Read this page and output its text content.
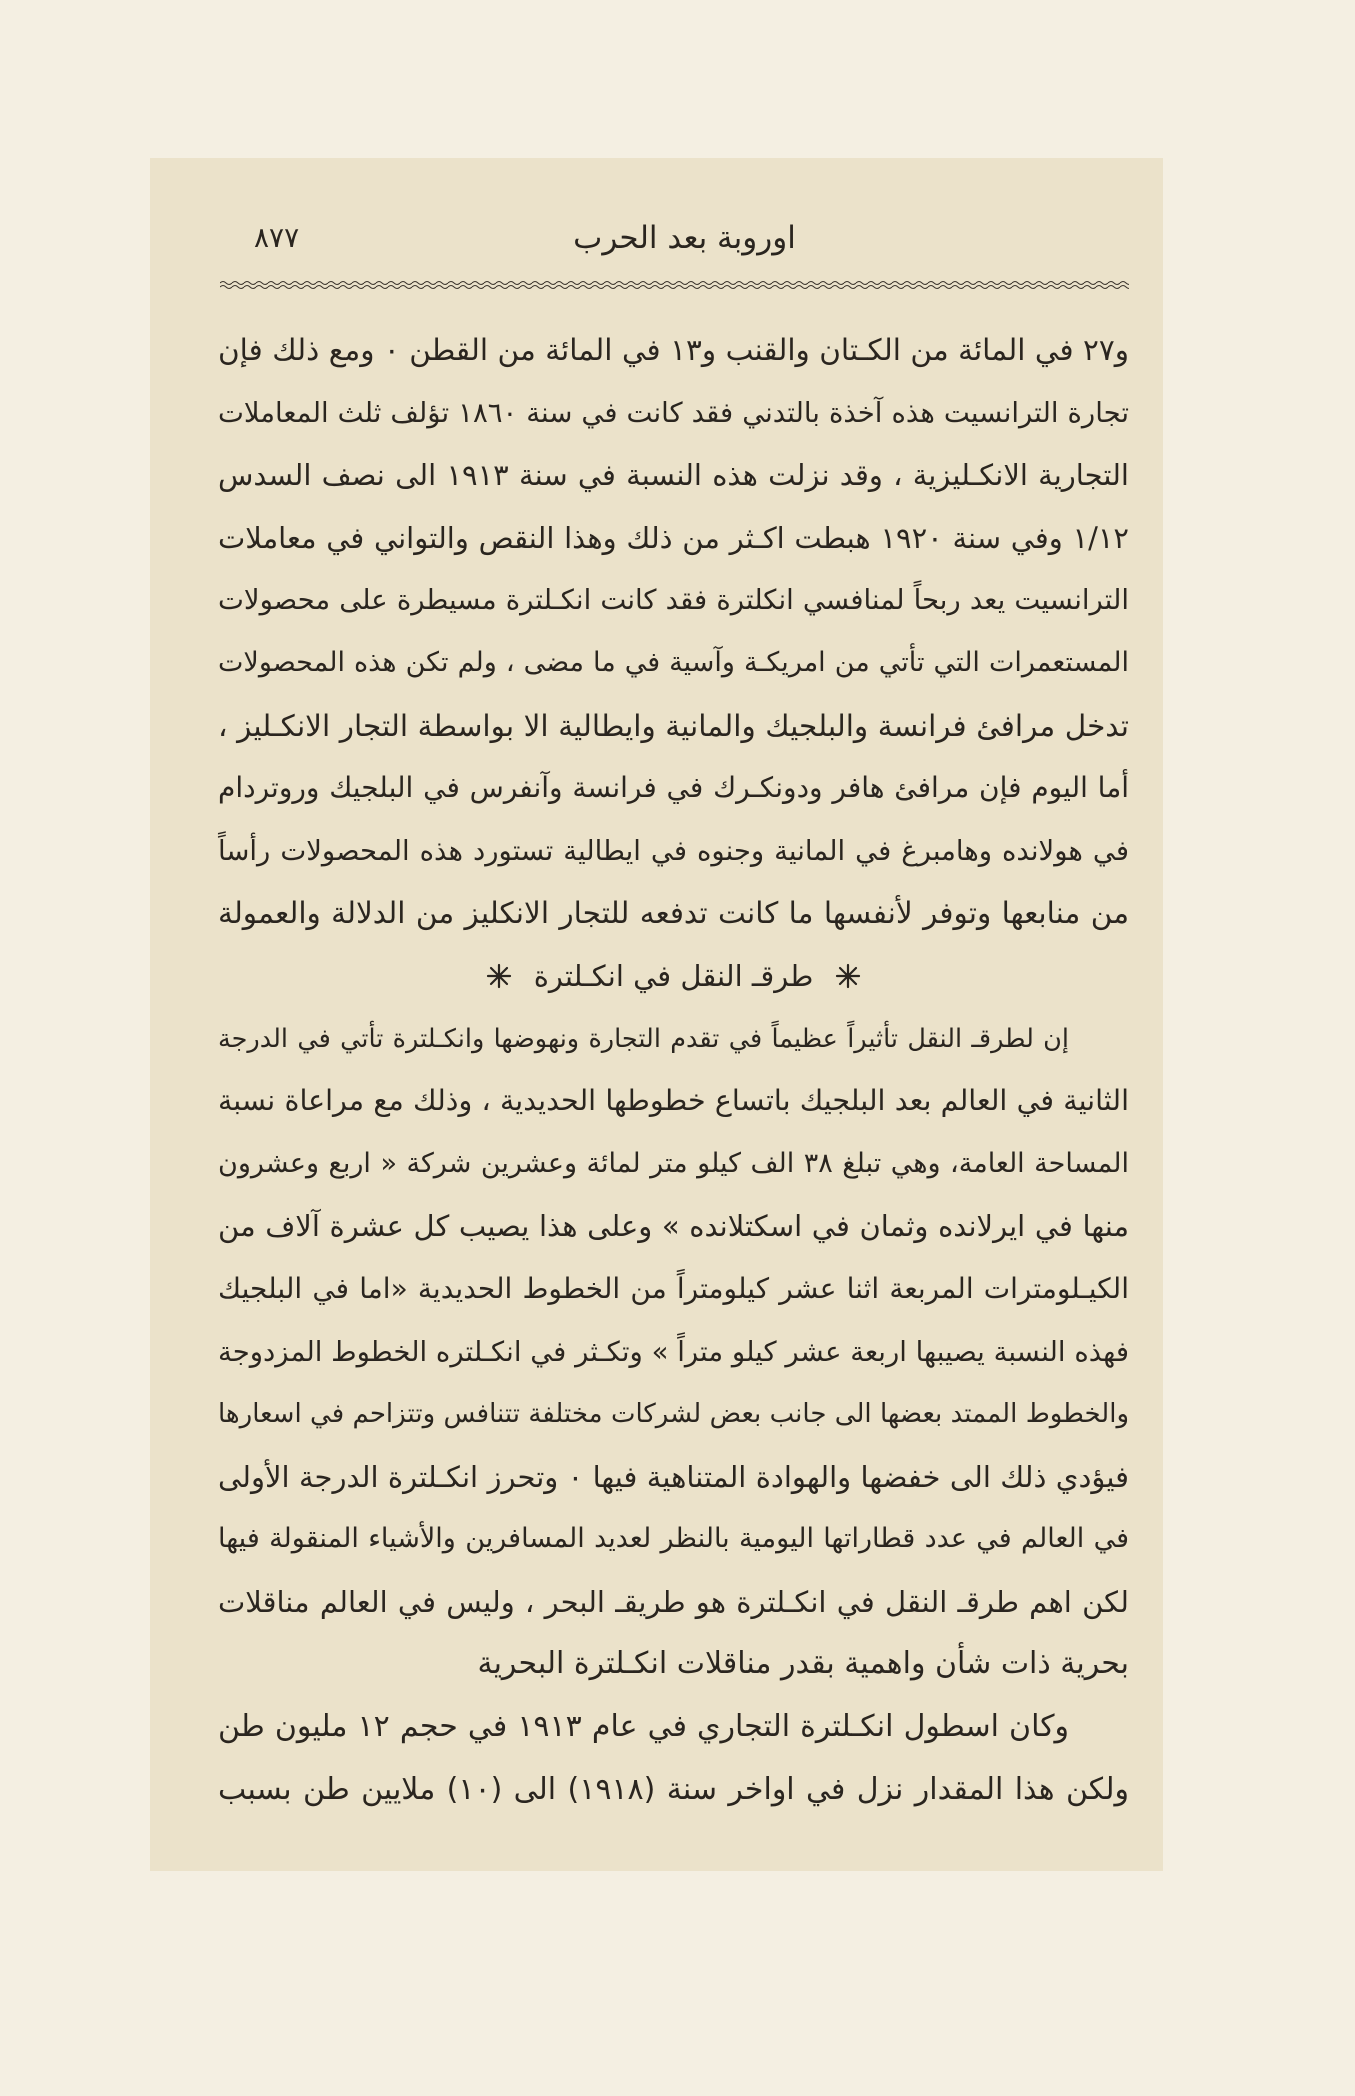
اوروبة بعد الحرب
٨٧٧
و٢٧ في المائة من الكـتان والقنب و١٣ في المائة من القطن ٠ ومع ذلك فإن
تجارة الترانسيت هذه آخذة بالتدني فقد كانت في سنة ١٨٦٠ تؤلف ثلث المعاملات
التجارية الانكـليزية ، وقد نزلت هذه النسبة في سنة ١٩١٣ الى نصف السدس
١/١٢ وفي سنة ١٩٢٠ هبطت اكـثر من ذلك وهذا النقص والتواني في معاملات
الترانسيت يعد ربحاً لمنافسي انكلترة فقد كانت انكـلترة مسيطرة على محصولات
المستعمرات التي تأتي من امريكـة وآسية في ما مضى ، ولم تكن هذه المحصولات
تدخل مرافئ فرانسة والبلجيك والمانية وايطالية الا بواسطة التجار الانكـليز ،
أما اليوم فإن مرافئ هافر ودونكـرك في فرانسة وآنفرس في البلجيك وروتردام
في هولانده وهامبرغ في المانية وجنوه في ايطالية تستورد هذه المحصولات رأساً
من منابعها وتوفر لأنفسها ما كانت تدفعه للتجار الانكليز من الدلالة والعمولة
طرقـ النقل في انكـلترة
إن لطرقـ النقل تأثيراً عظيماً في تقدم التجارة ونهوضها وانكـلترة تأتي في الدرجة
الثانية في العالم بعد البلجيك باتساع خطوطها الحديدية ، وذلك مع مراعاة نسبة
المساحة العامة، وهي تبلغ ٣٨ الف كيلو متر لمائة وعشرين شركة « اربع وعشرون
منها في ايرلانده وثمان في اسكتلانده » وعلى هذا يصيب كل عشرة آلاف من
الكيـلومترات المربعة اثنا عشر كيلومتراً من الخطوط الحديدية «اما في البلجيك
فهذه النسبة يصيبها اربعة عشر كيلو متراً » وتكـثر في انكـلتره الخطوط المزدوجة
والخطوط الممتد بعضها الى جانب بعض لشركات مختلفة تتنافس وتتزاحم في اسعارها
فيؤدي ذلك الى خفضها والهوادة المتناهية فيها ٠ وتحرز انكـلترة الدرجة الأولى
في العالم في عدد قطاراتها اليومية بالنظر لعديد المسافرين والأشياء المنقولة فيها
لكن اهم طرقـ النقل في انكـلترة هو طريقـ البحر ، وليس في العالم مناقلات
بحرية ذات شأن واهمية بقدر مناقلات انكـلترة البحرية
وكان اسطول انكـلترة التجاري في عام ١٩١٣ في حجم ١٢ مليون طن
ولكن هذا المقدار نزل في اواخر سنة (١٩١٨) الى (١٠) ملايين طن بسبب
